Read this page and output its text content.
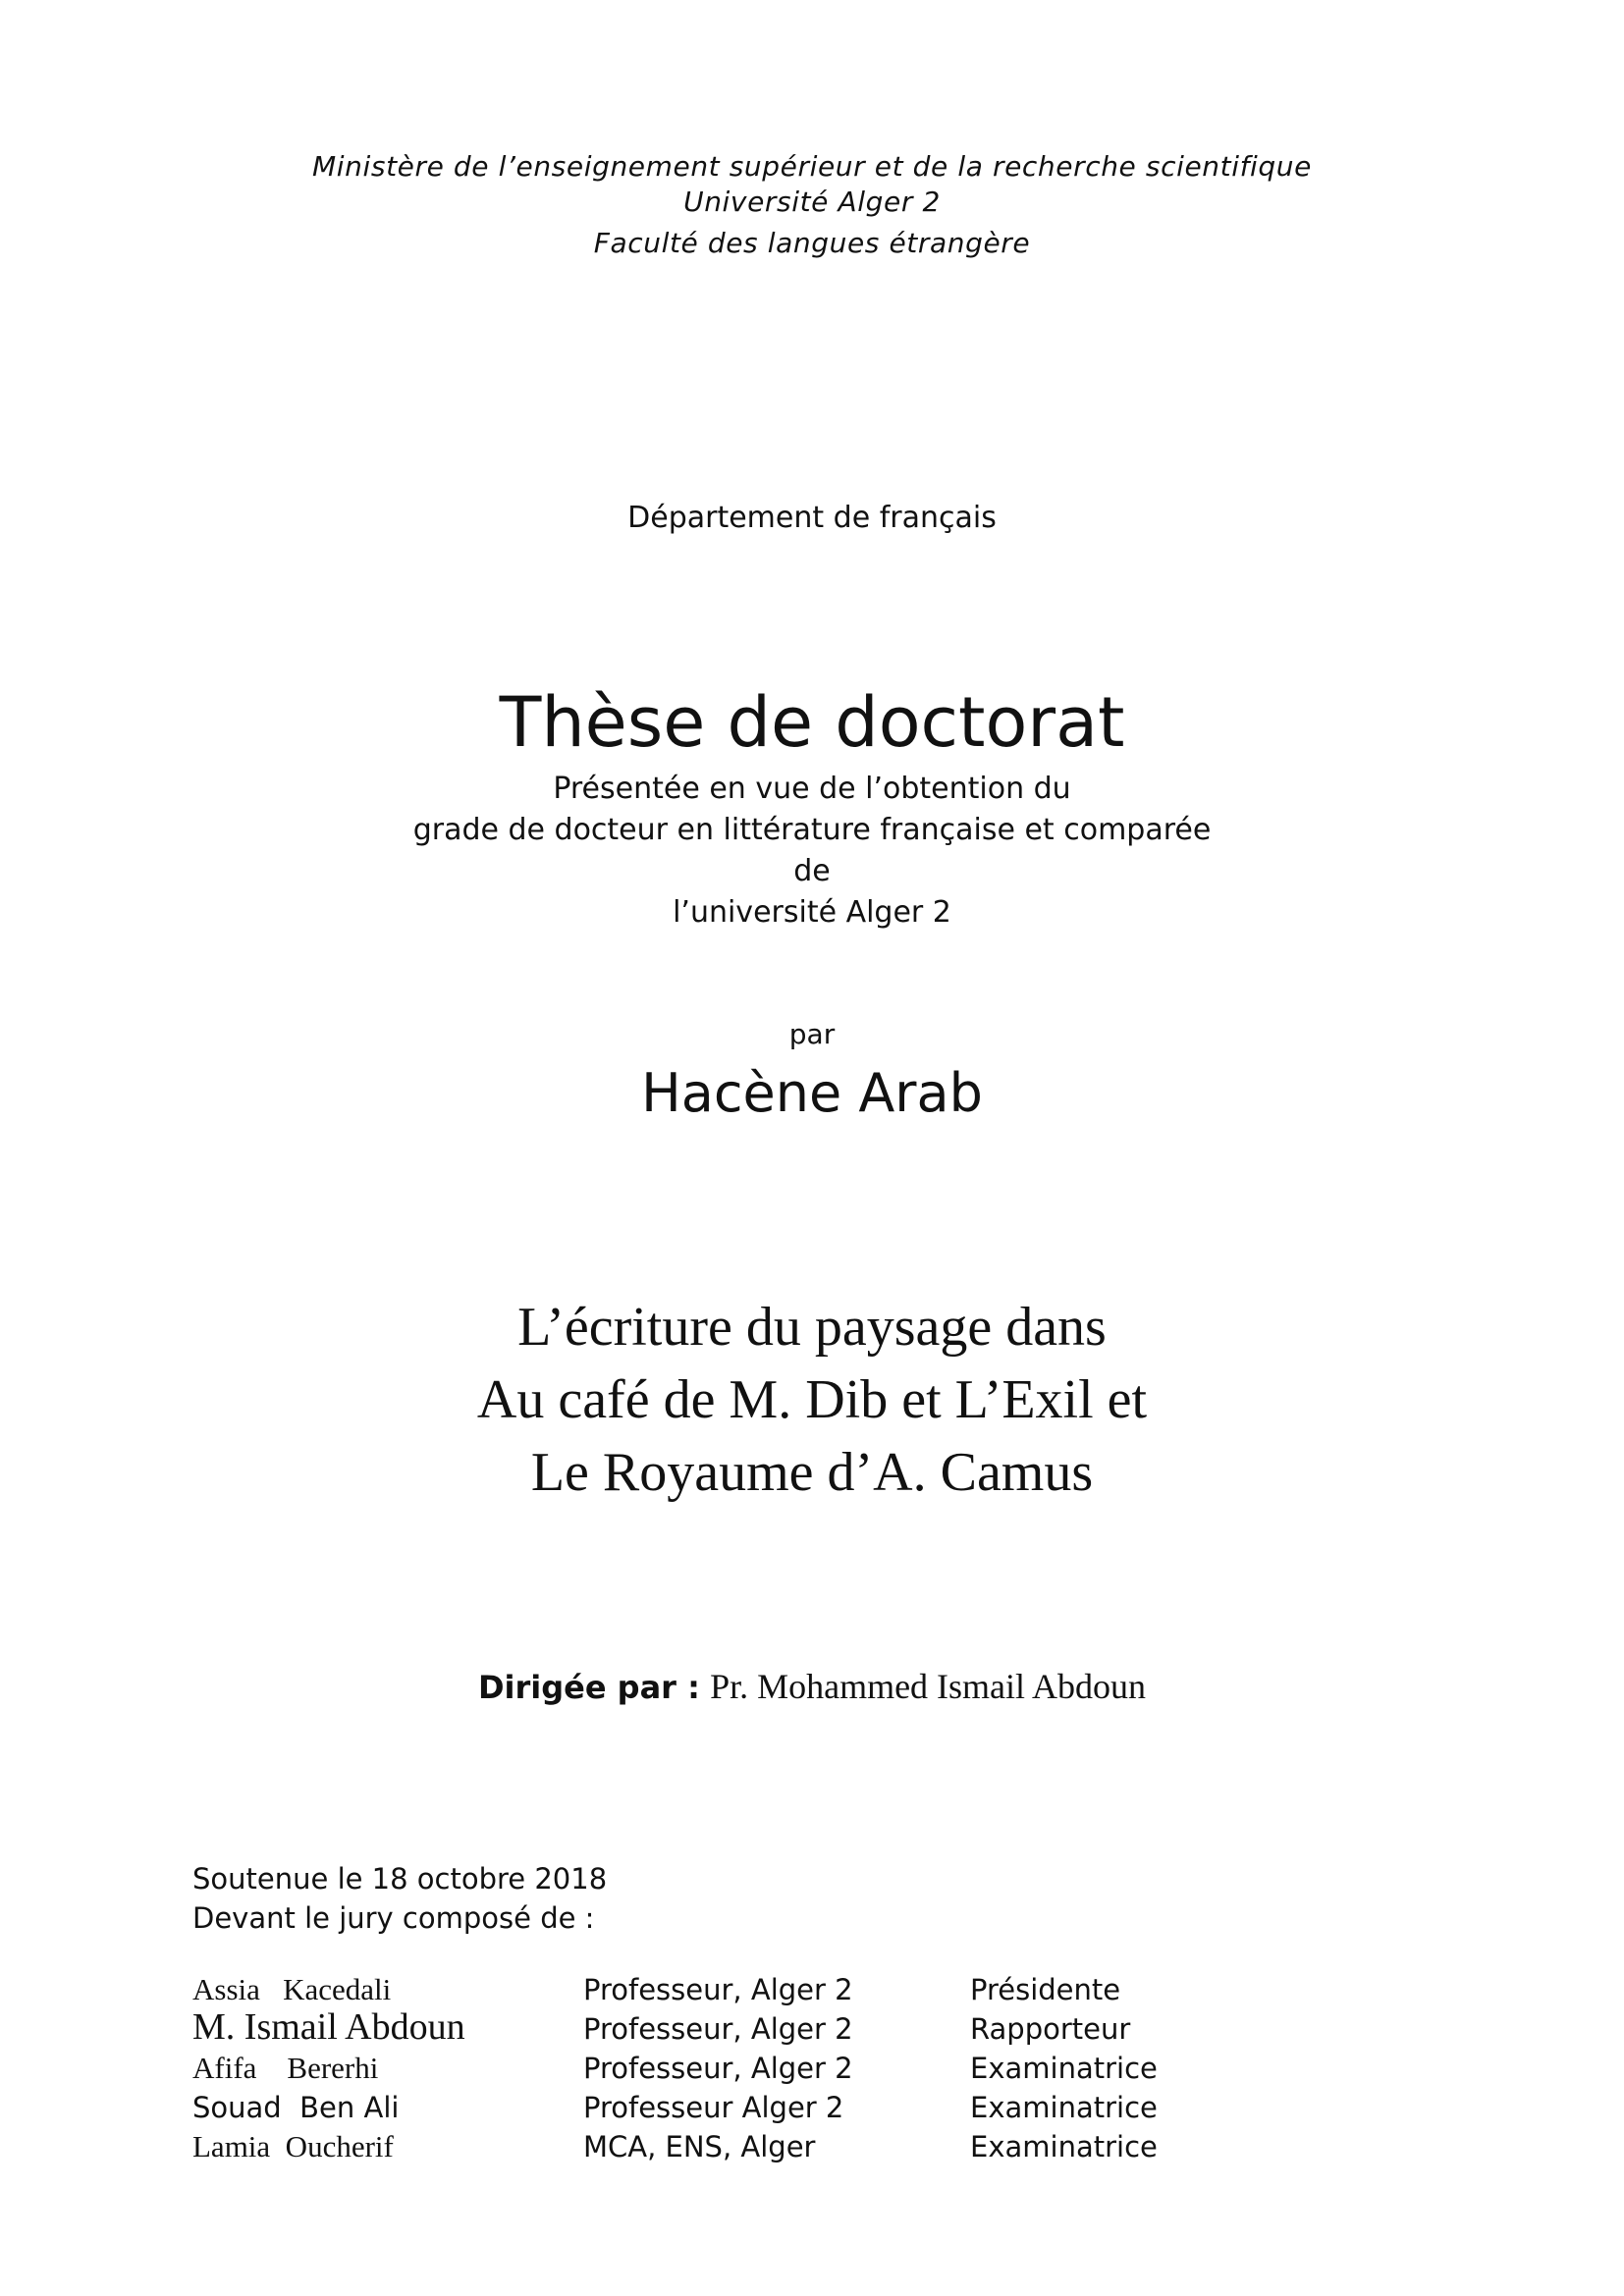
Ministère de l’enseignement supérieur et de la recherche scientifique
Université Alger 2
Faculté des langues étrangère
Département de français
Thèse de doctorat
Présentée en vue de l’obtention du
grade de docteur en littérature française et comparée
de
l’université Alger 2
par
Hacène Arab
L’écriture du paysage dans
Au café de M. Dib et L’Exil et
Le Royaume d’A. Camus
Dirigée par : Pr. Mohammed Ismail Abdoun
Soutenue le 18 octobre 2018
Devant le jury composé de :
Assia   Kacedali	Professeur, Alger 2	Présidente
M. Ismail Abdoun	Professeur, Alger 2	Rapporteur
Afifa    Bererhi	Professeur, Alger 2	Examinatrice
Souad  Ben Ali	Professeur Alger 2	Examinatrice
Lamia  Oucherif	MCA, ENS, Alger	Examinatrice
